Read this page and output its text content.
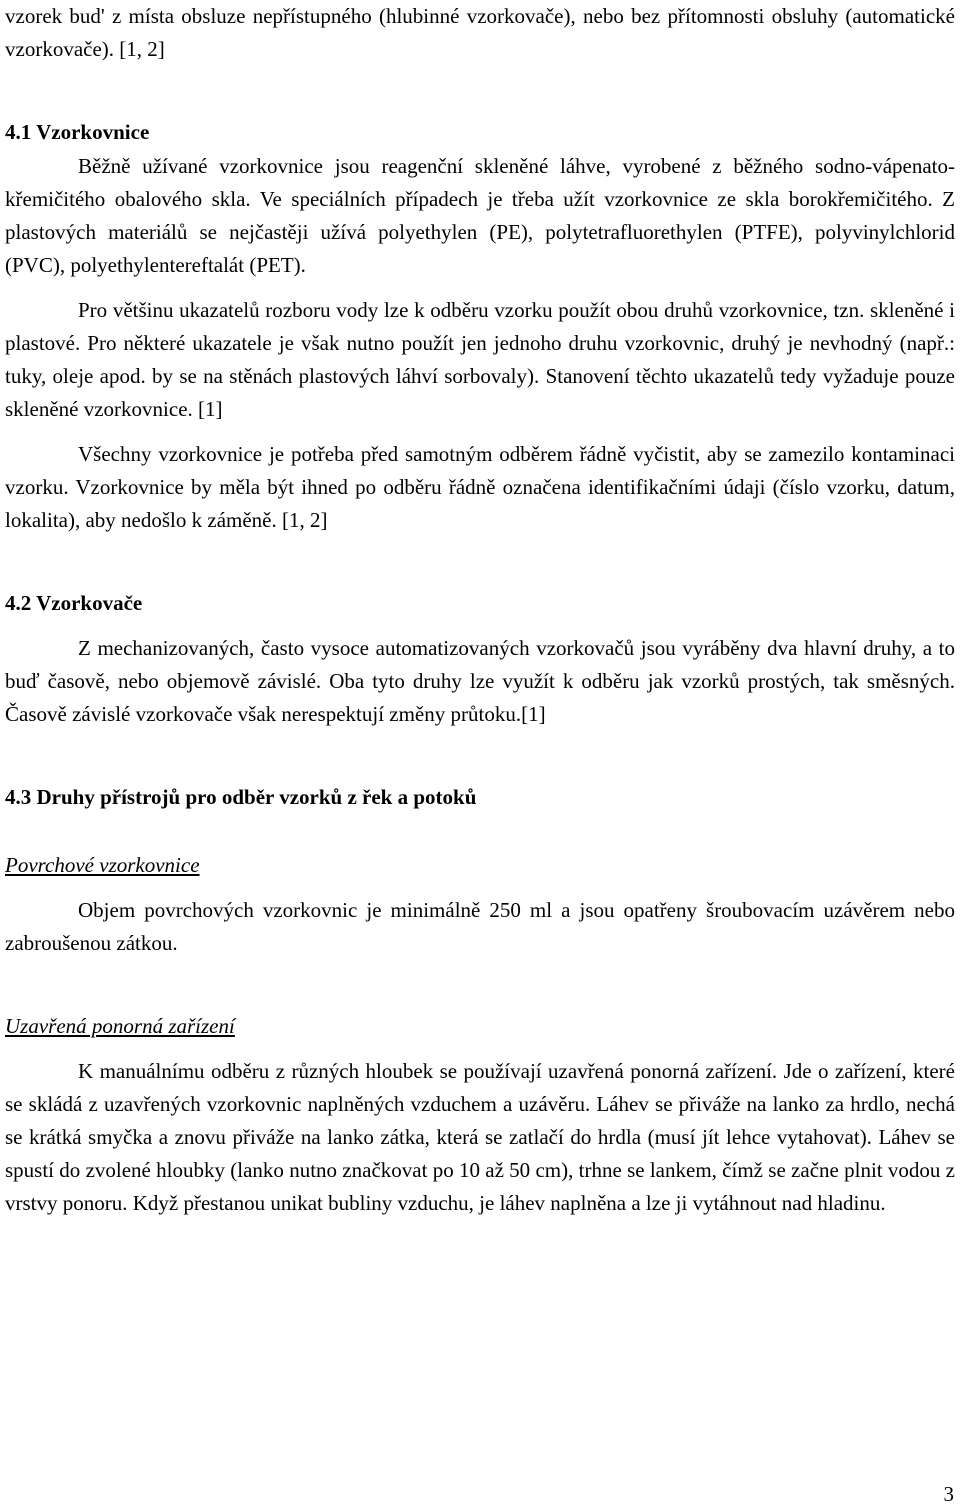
vzorek bud' z místa obsluze nepřístupného (hlubinné vzorkovače), nebo bez přítomnosti obsluhy (automatické vzorkovače). [1, 2]

4.1 Vzorkovnice

Běžně užívané vzorkovnice jsou reagenční skleněné láhve, vyrobené z běžného sodno-vápenato-křemičitého obalového skla. Ve speciálních případech je třeba užít vzorkovnice ze skla borokřemičitého. Z plastových materiálů se nejčastěji užívá polyethylen (PE), polytetrafluorethylen (PTFE), polyvinylchlorid (PVC), polyethylentereftalát (PET).

Pro většinu ukazatelů rozboru vody lze k odběru vzorku použít obou druhů vzorkovnice, tzn. skleněné i plastové. Pro některé ukazatele je však nutno použít jen jednoho druhu vzorkovnic, druhý je nevhodný (např.: tuky, oleje apod. by se na stěnách plastových láhví sorbovaly). Stanovení těchto ukazatelů tedy vyžaduje pouze skleněné vzorkovnice. [1]

Všechny vzorkovnice je potřeba před samotným odběrem řádně vyčistit, aby se zamezilo kontaminaci vzorku. Vzorkovnice by měla být ihned po odběru řádně označena identifikačními údaji (číslo vzorku, datum, lokalita), aby nedošlo k záměně. [1, 2]

4.2 Vzorkovače

Z mechanizovaných, často vysoce automatizovaných vzorkovačů jsou vyráběny dva hlavní druhy, a to buď časově, nebo objemově závislé. Oba tyto druhy lze využít k odběru jak vzorků prostých, tak směsných. Časově závislé vzorkovače však nerespektují změny průtoku.[1]

4.3 Druhy přístrojů pro odběr vzorků z řek a potoků
Povrchové vzorkovnice

Objem povrchových vzorkovnic je minimálně 250 ml a jsou opatřeny šroubovacím uzávěrem nebo zabroušenou zátkou.

Uzavřená ponorná zařízení

K manuálnímu odběru z různých hloubek se používají uzavřená ponorná zařízení. Jde o zařízení, které se skládá z uzavřených vzorkovnic naplněných vzduchem a uzávěru. Láhev se přiváže na lanko za hrdlo, nechá se krátká smyčka a znovu přiváže na lanko zátka, která se zatlačí do hrdla (musí jít lehce vytahovat). Láhev se spustí do zvolené hloubky (lanko nutno značkovat po 10 až 50 cm), trhne se lankem, čímž se začne plnit vodou z vrstvy ponoru. Když přestanou unikat bubliny vzduchu, je láhev naplněna a lze ji vytáhnout nad hladinu.

3
